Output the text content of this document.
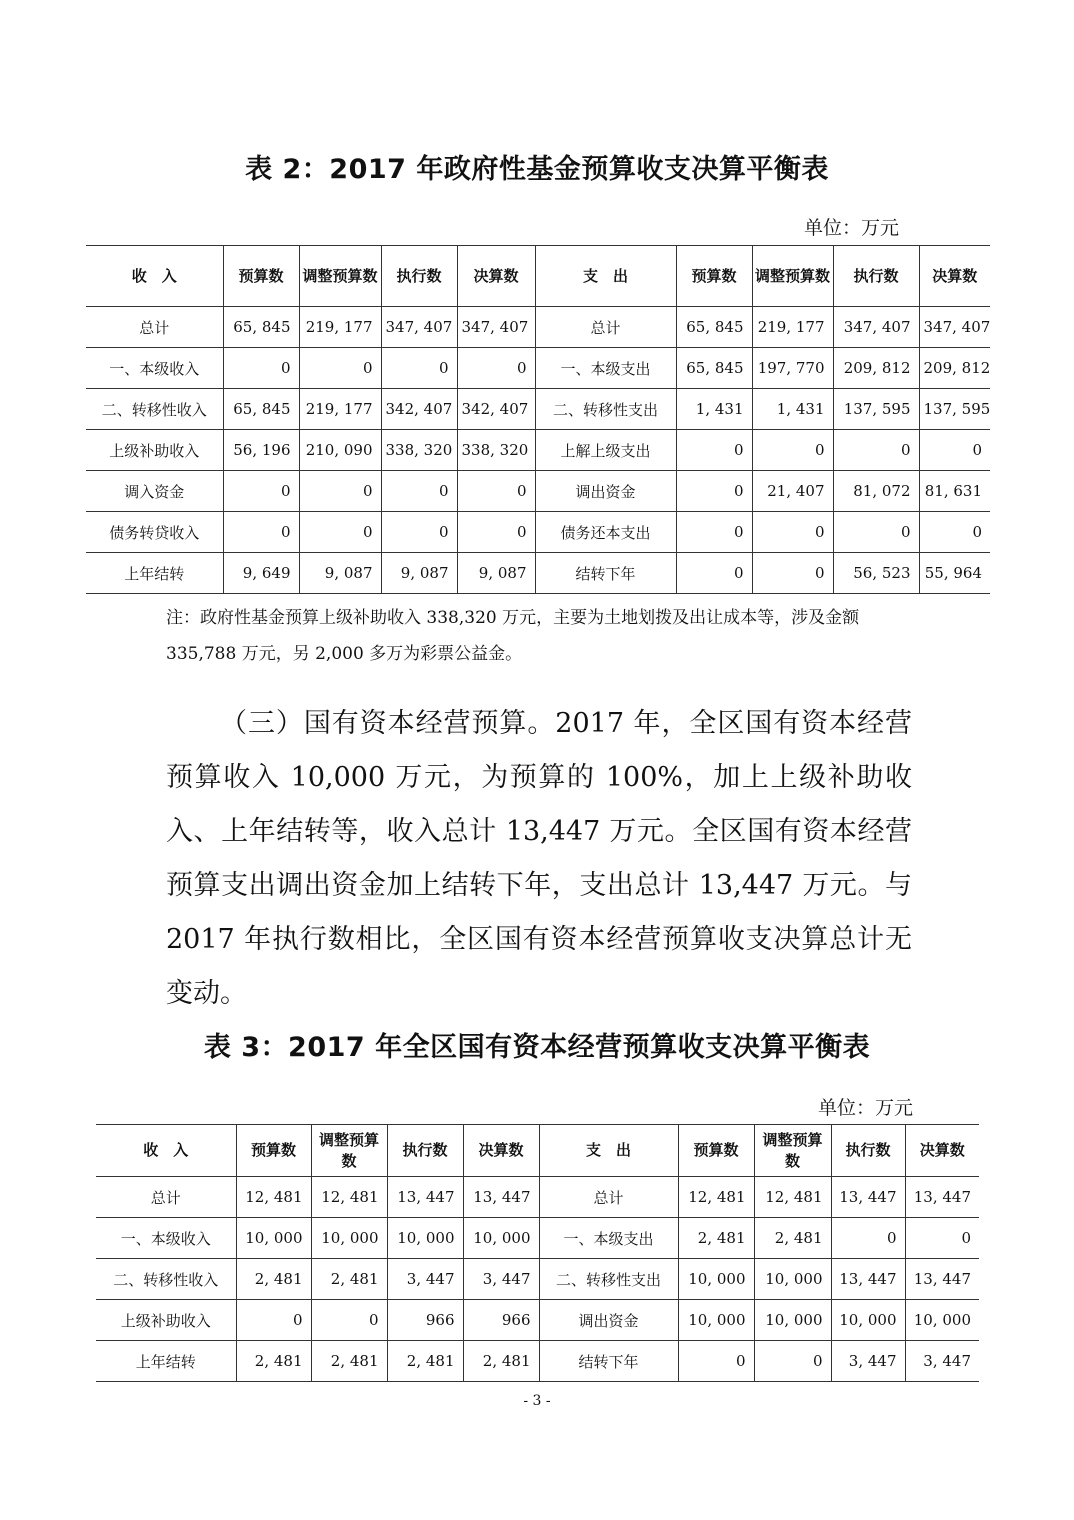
表 2：2017 年政府性基金预算收支决算平衡表
单位：万元
收　入	预算数	调整预算数	执行数	决算数	支　出	预算数	调整预算数	执行数	决算数
总计	65, 845	219, 177	347, 407	347, 407	总计	65, 845	219, 177	347, 407	347, 407
一、本级收入	0	0	0	0	一、本级支出	65, 845	197, 770	209, 812	209, 812
二、转移性收入	65, 845	219, 177	342, 407	342, 407	二、转移性支出	1, 431	1, 431	137, 595	137, 595
上级补助收入	56, 196	210, 090	338, 320	338, 320	上解上级支出	0	0	0	0
调入资金	0	0	0	0	调出资金	0	21, 407	81, 072	81, 631
债务转贷收入	0	0	0	0	债务还本支出	0	0	0	0
上年结转	9, 649	9, 087	9, 087	9, 087	结转下年	0	0	56, 523	55, 964
注：政府性基金预算上级补助收入 338,320 万元，主要为土地划拨及出让成本等，涉及金额 335,788 万元，另 2,000 多万为彩票公益金。

（三）国有资本经营预算。2017 年，全区国有资本经营预算收入 10,000 万元，为预算的 100%，加上上级补助收入、上年结转等，收入总计 13,447 万元。全区国有资本经营预算支出调出资金加上结转下年，支出总计 13,447 万元。与 2017 年执行数相比，全区国有资本经营预算收支决算总计无变动。

表 3：2017 年全区国有资本经营预算收支决算平衡表
单位：万元
收　入	预算数	调整预算数	执行数	决算数	支　出	预算数	调整预算数	执行数	决算数
总计	12, 481	12, 481	13, 447	13, 447	总计	12, 481	12, 481	13, 447	13, 447
一、本级收入	10, 000	10, 000	10, 000	10, 000	一、本级支出	2, 481	2, 481	0	0
二、转移性收入	2, 481	2, 481	3, 447	3, 447	二、转移性支出	10, 000	10, 000	13, 447	13, 447
上级补助收入	0	0	966	966	调出资金	10, 000	10, 000	10, 000	10, 000
上年结转	2, 481	2, 481	2, 481	2, 481	结转下年	0	0	3, 447	3, 447
- 3 -
